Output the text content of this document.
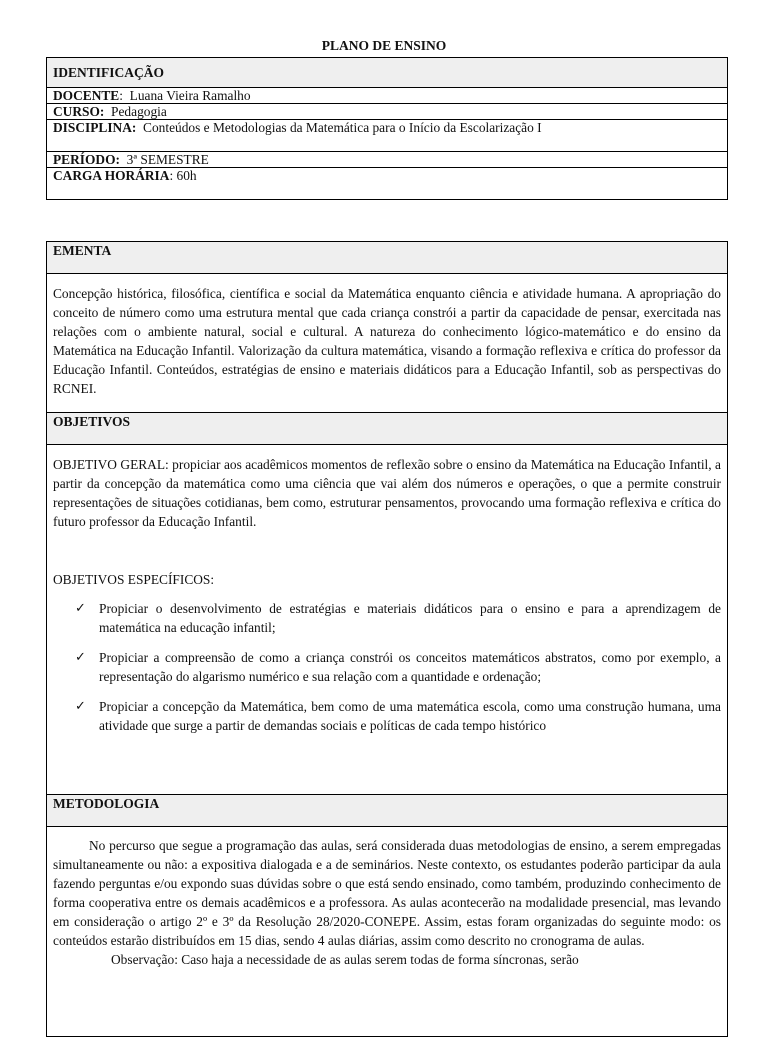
PLANO DE ENSINO
IDENTIFICAÇÃO
DOCENTE:  Luana Vieira Ramalho
CURSO:  Pedagogia
DISCIPLINA:  Conteúdos e Metodologias da Matemática para o Início da Escolarização I
PERÍODO:  3ª SEMESTRE
CARGA HORÁRIA: 60h
EMENTA

Concepção histórica, filosófica, científica e social da Matemática enquanto ciência e atividade humana. A apropriação do conceito de número como uma estrutura mental que cada criança constrói a partir da capacidade de pensar, exercitada nas relações com o ambiente natural, social e cultural. A natureza do conhecimento lógico-matemático e do ensino da Matemática na Educação Infantil. Valorização da cultura matemática, visando a formação reflexiva e crítica do professor da Educação Infantil. Conteúdos, estratégias de ensino e materiais didáticos para a Educação Infantil, sob as perspectivas do RCNEI.

OBJETIVOS

OBJETIVO GERAL: propiciar aos acadêmicos momentos de reflexão sobre o ensino da Matemática na Educação Infantil, a partir da concepção da matemática como uma ciência que vai além dos números e operações, o que a permite construir representações de situações cotidianas, bem como, estruturar pensamentos, provocando uma formação reflexiva e crítica do futuro professor da Educação Infantil.
OBJETIVOS ESPECÍFICOS:
✓ Propiciar o desenvolvimento de estratégias e materiais didáticos para o ensino e para a aprendizagem de matemática na educação infantil;
✓ Propiciar a compreensão de como a criança constrói os conceitos matemáticos abstratos, como por exemplo, a representação do algarismo numérico e sua relação com a quantidade e ordenação;
✓ Propiciar a concepção da Matemática, bem como de uma matemática escola, como uma construção humana, uma atividade que surge a partir de demandas sociais e políticas de cada tempo histórico

METODOLOGIA

No percurso que segue a programação das aulas, será considerada duas metodologias de ensino, a serem empregadas simultaneamente ou não: a expositiva dialogada e a de seminários. Neste contexto, os estudantes poderão participar da aula fazendo perguntas e/ou expondo suas dúvidas sobre o que está sendo ensinado, como também, produzindo conhecimento de forma cooperativa entre os demais acadêmicos e a professora. As aulas acontecerão na modalidade presencial, mas levando em consideração o artigo 2º e 3º da Resolução 28/2020-CONEPE. Assim, estas foram organizadas do seguinte modo: os conteúdos estarão distribuídos em 15 dias, sendo 4 aulas diárias, assim como descrito no cronograma de aulas.
Observação: Caso haja a necessidade de as aulas serem todas de forma síncronas, serão
